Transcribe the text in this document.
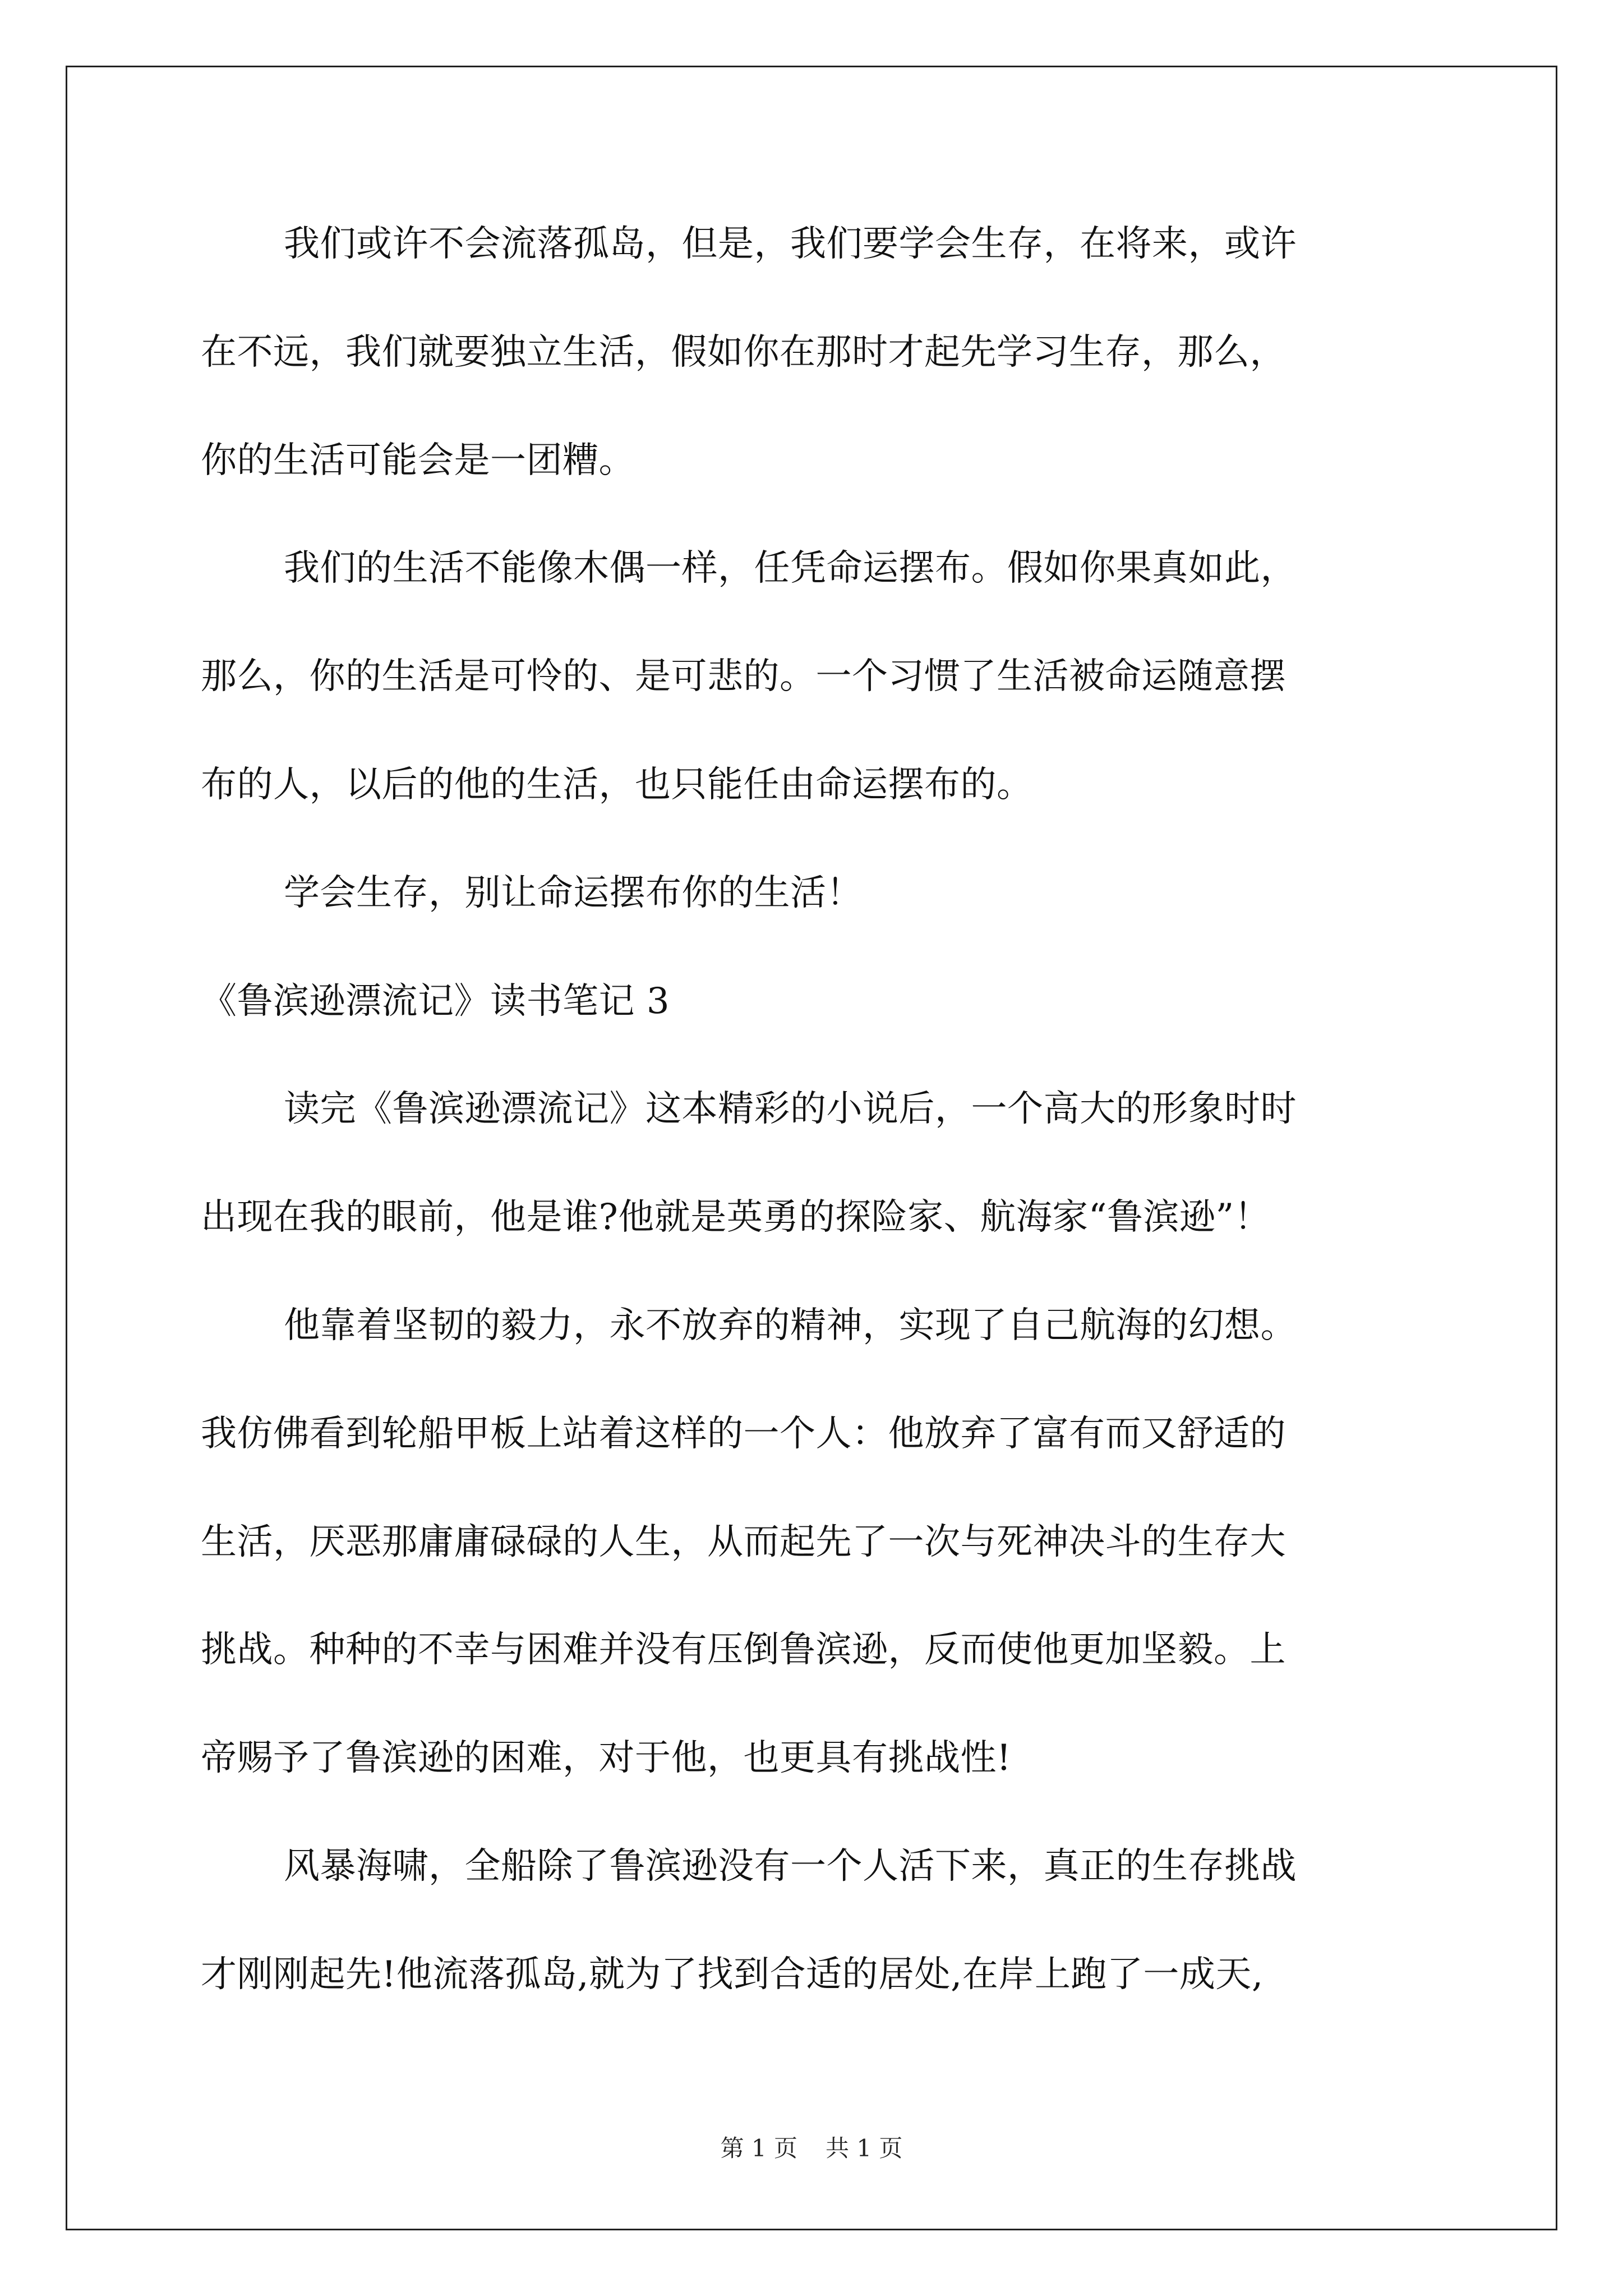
我们或许不会流落孤岛，但是，我们要学会生存，在将来，或许
在不远，我们就要独立生活，假如你在那时才起先学习生存，那么，
你的生活可能会是一团糟。
我们的生活不能像木偶一样，任凭命运摆布。假如你果真如此，
那么，你的生活是可怜的、是可悲的。一个习惯了生活被命运随意摆
布的人，以后的他的生活，也只能任由命运摆布的。
学会生存，别让命运摆布你的生活！
《鲁滨逊漂流记》读书笔记 3
读完《鲁滨逊漂流记》这本精彩的小说后，一个高大的形象时时
出现在我的眼前，他是谁?他就是英勇的探险家、航海家“鲁滨逊”！
他靠着坚韧的毅力，永不放弃的精神，实现了自己航海的幻想。
我仿佛看到轮船甲板上站着这样的一个人：他放弃了富有而又舒适的
生活，厌恶那庸庸碌碌的人生，从而起先了一次与死神决斗的生存大
挑战。种种的不幸与困难并没有压倒鲁滨逊，反而使他更加坚毅。上
帝赐予了鲁滨逊的困难，对于他，也更具有挑战性!
风暴海啸，全船除了鲁滨逊没有一个人活下来，真正的生存挑战
才刚刚起先!他流落孤岛,就为了找到合适的居处,在岸上跑了一成天,
第 1 页 共 1 页
